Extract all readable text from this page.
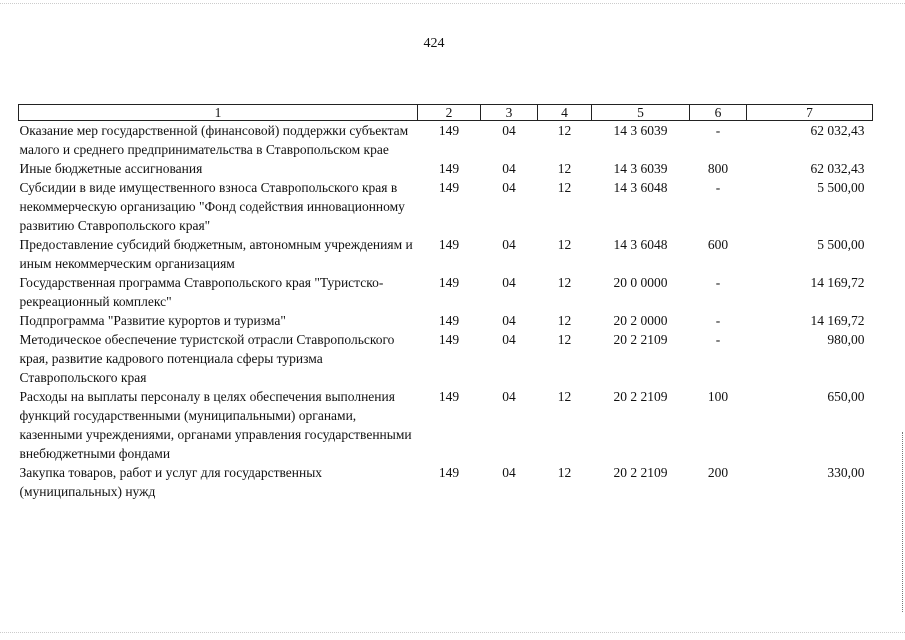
424
1	2	3	4	5	6	7
Оказание мер государственной (финансовой) поддержки субъектам малого и среднего предпринимательства в Ставропольском крае	149	04	12	14 3 6039	-	62 032,43
Иные бюджетные ассигнования	149	04	12	14 3 6039	800	62 032,43
Субсидии в виде имущественного взноса Ставропольского края в некоммерческую организацию "Фонд содействия инновационному развитию Ставропольского края"	149	04	12	14 3 6048	-	5 500,00
Предоставление субсидий бюджетным, автономным учреждениям и иным некоммерческим организациям	149	04	12	14 3 6048	600	5 500,00
Государственная программа Ставропольского края "Туристско-рекреационный комплекс"	149	04	12	20 0 0000	-	14 169,72
Подпрограмма "Развитие курортов и туризма"	149	04	12	20 2 0000	-	14 169,72
Методическое обеспечение туристской отрасли Ставропольского края, развитие кадрового потенциала сферы туризма Ставропольского края	149	04	12	20 2 2109	-	980,00
Расходы на выплаты персоналу в целях обеспечения выполнения функций государственными (муниципальными) органами, казенными учреждениями, органами управления государственными внебюджетными фондами	149	04	12	20 2 2109	100	650,00
Закупка товаров, работ и услуг для государственных (муниципальных) нужд	149	04	12	20 2 2109	200	330,00
